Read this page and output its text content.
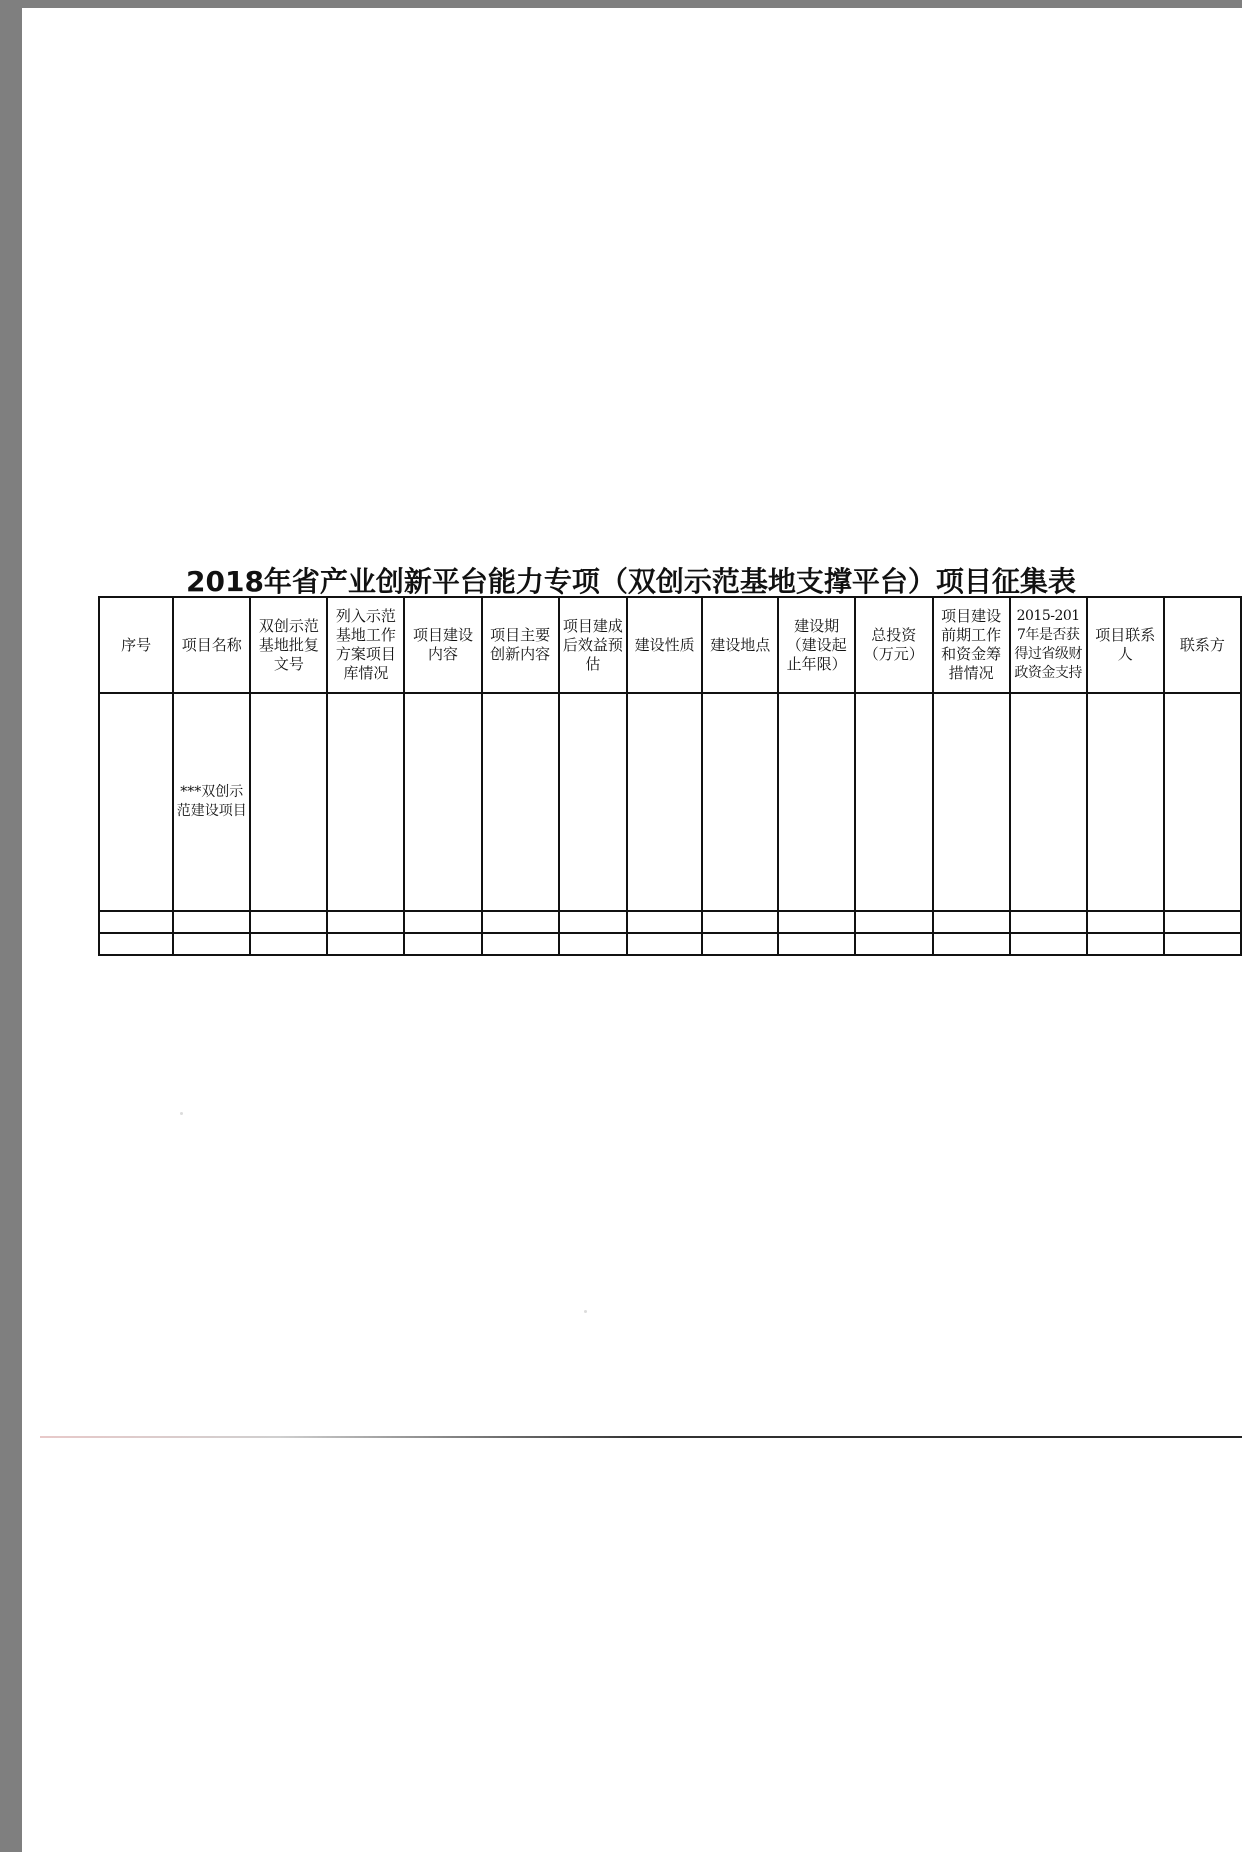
2018年省产业创新平台能力专项（双创示范基地支撑平台）项目征集表
序号	项目名称	双创示范基地批复文号	列入示范基地工作方案项目库情况	项目建设内容	项目主要创新内容	项目建成后效益预估	建设性质	建设地点	建设期（建设起止年限）	总投资（万元）	项目建设前期工作和资金筹措情况	2015-2017年是否获得过省级财政资金支持	项目联系人	联系方
	***双创示范建设项目													
